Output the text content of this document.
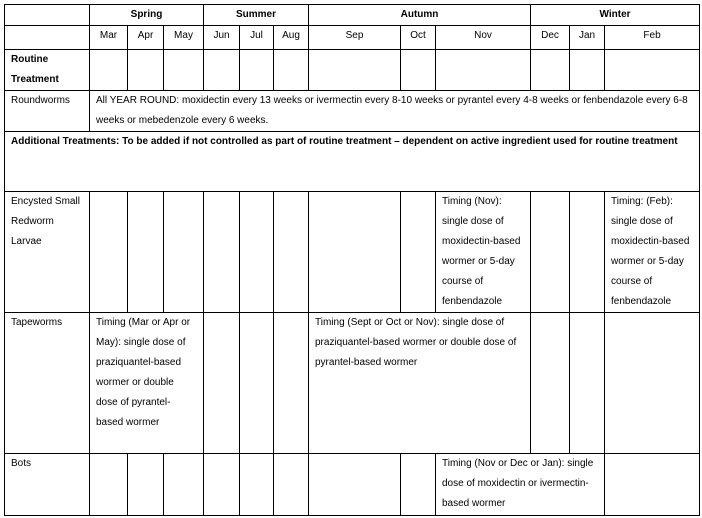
	Spring			Summer			Autumn			Winter		
	Mar	Apr	May	Jun	Jul	Aug	Sep	Oct	Nov	Dec	Jan	Feb
Routine Treatment												
Roundworms	All YEAR ROUND: moxidectin every 13 weeks or ivermectin every 8-10 weeks or pyrantel every 4-8 weeks or fenbendazole every 6-8 weeks or mebedenzole every 6 weeks.											
Additional Treatments: To be added if not controlled as part of routine treatment – dependent on active ingredient used for routine treatment												
Encysted Small Redworm Larvae									Timing (Nov): single dose of moxidectin-based wormer or 5-day course of fenbendazole			Timing: (Feb): single dose of moxidectin-based wormer or 5-day course of fenbendazole
Tapeworms	Timing (Mar or Apr or May): single dose of praziquantel-based wormer or double dose of pyrantel-based wormer						Timing (Sept or Oct or Nov): single dose of praziquantel-based wormer or double dose of pyrantel-based wormer					
Bots									Timing (Nov or Dec or Jan): single dose of moxidectin or ivermectin-based wormer			
